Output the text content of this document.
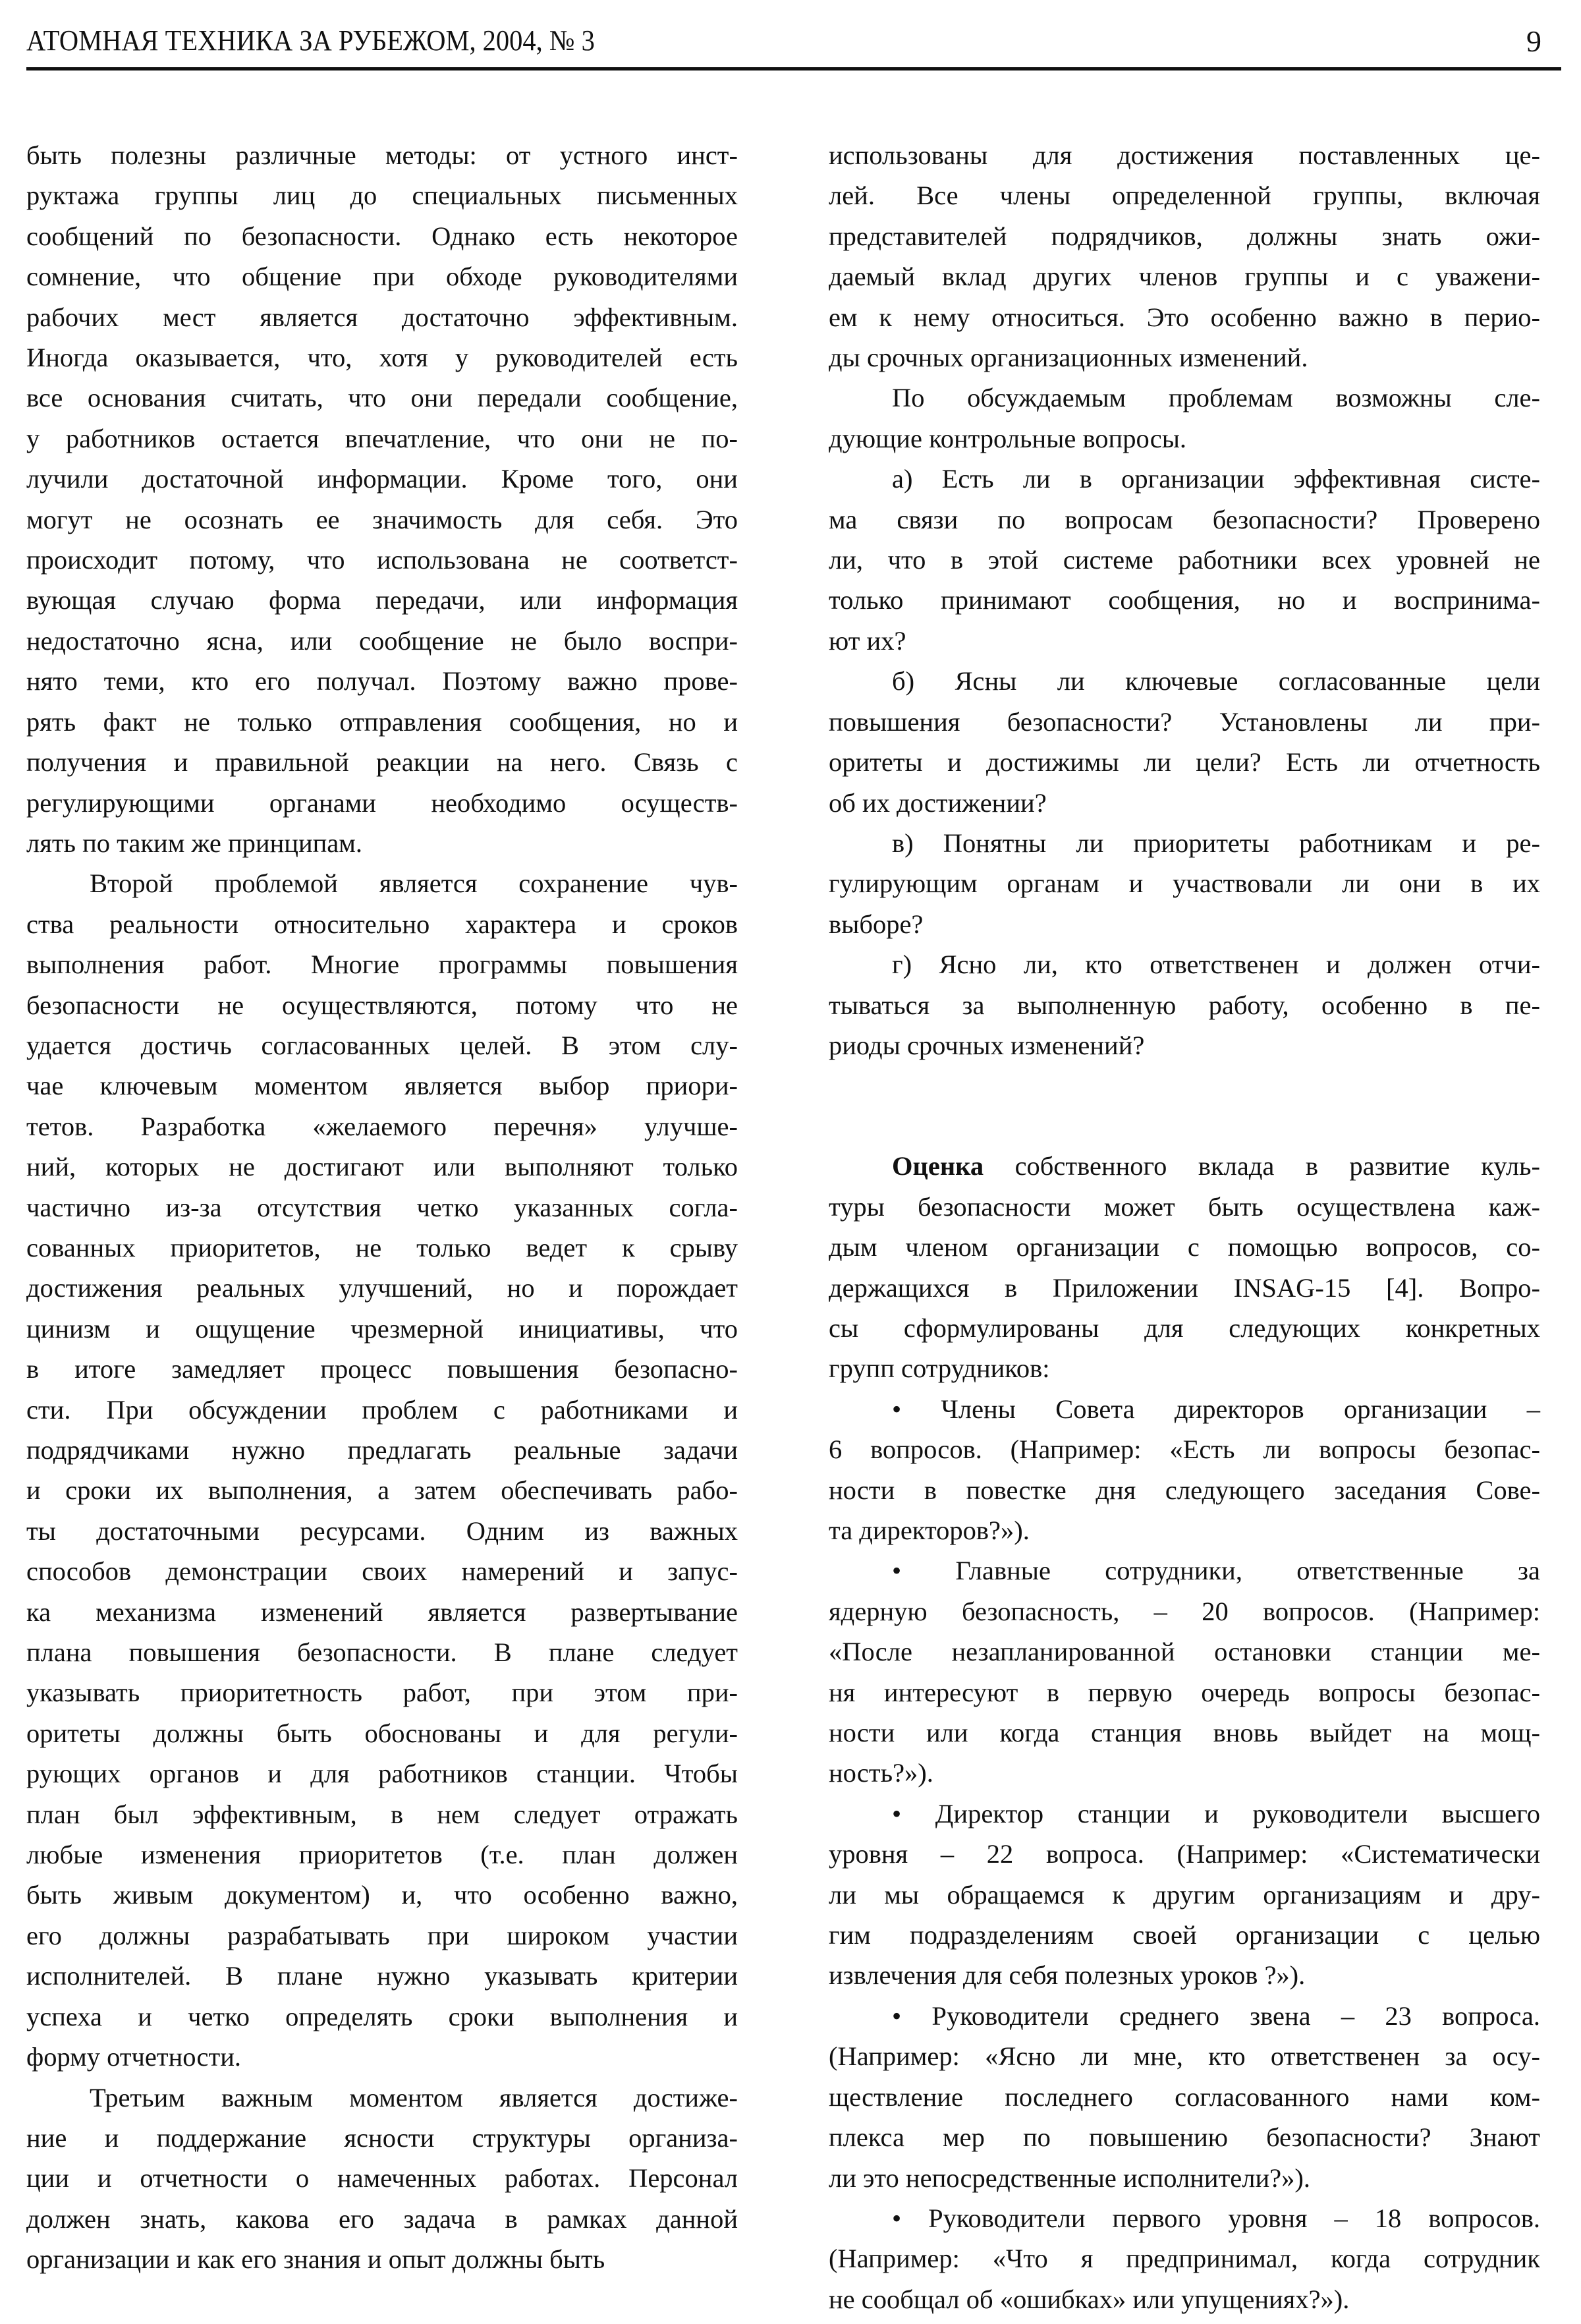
АТОМНАЯ ТЕХНИКА ЗА РУБЕЖОМ, 2004, № 3	9

быть полезны различные методы: от устного инст-
руктажа группы лиц до специальных письменных
сообщений по безопасности. Однако есть некоторое
сомнение, что общение при обходе руководителями
рабочих мест является достаточно эффективным.
Иногда оказывается, что, хотя у руководителей есть
все основания считать, что они передали сообщение,
у работников остается впечатление, что они не по-
лучили достаточной информации. Кроме того, они
могут не осознать ее значимость для себя. Это
происходит потому, что использована не соответст-
вующая случаю форма передачи, или информация
недостаточно ясна, или сообщение не было воспри-
нято теми, кто его получал. Поэтому важно прове-
рять факт не только отправления сообщения, но и
получения и правильной реакции на него. Связь с
регулирующими органами необходимо осуществ-
лять по таким же принципам.

Второй проблемой является сохранение чув-
ства реальности относительно характера и сроков
выполнения работ. Многие программы повышения
безопасности не осуществляются, потому что не
удается достичь согласованных целей. В этом слу-
чае ключевым моментом является выбор приори-
тетов. Разработка «желаемого перечня» улучше-
ний, которых не достигают или выполняют только
частично из-за отсутствия четко указанных согла-
сованных приоритетов, не только ведет к срыву
достижения реальных улучшений, но и порождает
цинизм и ощущение чрезмерной инициативы, что
в итоге замедляет процесс повышения безопасно-
сти. При обсуждении проблем с работниками и
подрядчиками нужно предлагать реальные задачи
и сроки их выполнения, а затем обеспечивать рабо-
ты достаточными ресурсами. Одним из важных
способов демонстрации своих намерений и запус-
ка механизма изменений является развертывание
плана повышения безопасности. В плане следует
указывать приоритетность работ, при этом при-
оритеты должны быть обоснованы и для регули-
рующих органов и для работников станции. Чтобы
план был эффективным, в нем следует отражать
любые изменения приоритетов (т.е. план должен
быть живым документом) и, что особенно важно,
его должны разрабатывать при широком участии
исполнителей. В плане нужно указывать критерии
успеха и четко определять сроки выполнения и
форму отчетности.

Третьим важным моментом является достиже-
ние и поддержание ясности структуры организа-
ции и отчетности о намеченных работах. Персонал
должен знать, какова его задача в рамках данной
организации и как его знания и опыт должны быть

использованы для достижения поставленных це-
лей. Все члены определенной группы, включая
представителей подрядчиков, должны знать ожи-
даемый вклад других членов группы и с уважени-
ем к нему относиться. Это особенно важно в перио-
ды срочных организационных изменений.

По обсуждаемым проблемам возможны сле-
дующие контрольные вопросы.

а) Есть ли в организации эффективная систе-
ма связи по вопросам безопасности? Проверено
ли, что в этой системе работники всех уровней не
только принимают сообщения, но и воспринима-
ют их?

б) Ясны ли ключевые согласованные цели
повышения безопасности? Установлены ли при-
оритеты и достижимы ли цели? Есть ли отчетность
об их достижении?

в) Понятны ли приоритеты работникам и ре-
гулирующим органам и участвовали ли они в их
выборе?

г) Ясно ли, кто ответственен и должен отчи-
тываться за выполненную работу, особенно в пе-
риоды срочных изменений?

Оценка собственного вклада в развитие куль-
туры безопасности может быть осуществлена каж-
дым членом организации с помощью вопросов, со-
держащихся в Приложении INSAG-15 [4]. Вопро-
сы сформулированы для следующих конкретных
групп сотрудников:

• Члены Совета директоров организации –
6 вопросов. (Например: «Есть ли вопросы безопас-
ности в повестке дня следующего заседания Сове-
та директоров?»).

• Главные сотрудники, ответственные за
ядерную безопасность, – 20 вопросов. (Например:
«После незапланированной остановки станции ме-
ня интересуют в первую очередь вопросы безопас-
ности или когда станция вновь выйдет на мощ-
ность?»).

• Директор станции и руководители высшего
уровня – 22 вопроса. (Например: «Систематически
ли мы обращаемся к другим организациям и дру-
гим подразделениям своей организации с целью
извлечения для себя полезных уроков ?»).

• Руководители среднего звена – 23 вопроса.
(Например: «Ясно ли мне, кто ответственен за осу-
ществление последнего согласованного нами ком-
плекса мер по повышению безопасности? Знают
ли это непосредственные исполнители?»).

• Руководители первого уровня – 18 вопросов.
(Например: «Что я предпринимал, когда сотрудник
не сообщал об «ошибках» или упущениях?»).
